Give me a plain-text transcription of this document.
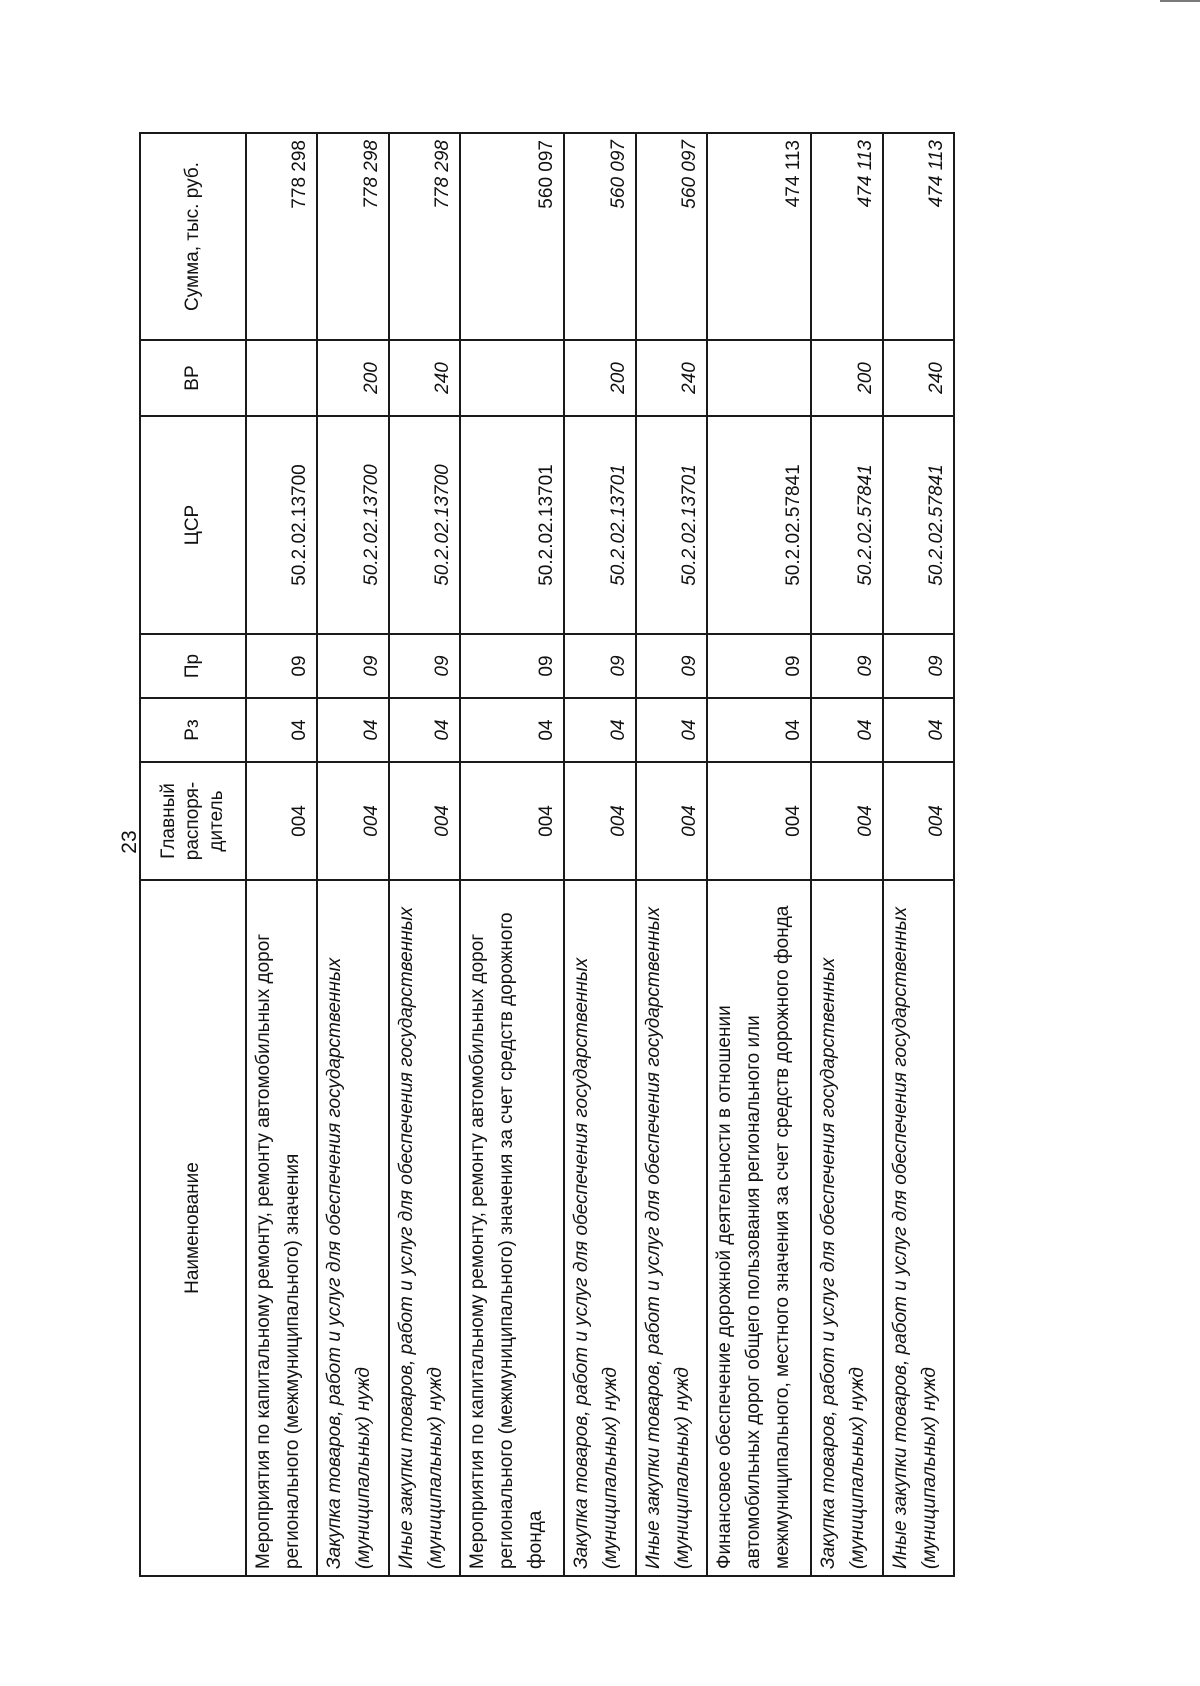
23
Наименование	Главный распоря-дитель	Рз	Пр	ЦСР	ВР	Сумма, тыс. руб.
Мероприятия по капитальному ремонту, ремонту автомобильных дорог регионального (межмуниципального) значения	004	04	09	50.2.02.13700		778 298
Закупка товаров, работ и услуг для обеспечения государственных (муниципальных) нужд	004	04	09	50.2.02.13700	200	778 298
Иные закупки товаров, работ и услуг для обеспечения государственных (муниципальных) нужд	004	04	09	50.2.02.13700	240	778 298
Мероприятия по капитальному ремонту, ремонту автомобильных дорог регионального (межмуниципального) значения за счет средств дорожного фонда	004	04	09	50.2.02.13701		560 097
Закупка товаров, работ и услуг для обеспечения государственных (муниципальных) нужд	004	04	09	50.2.02.13701	200	560 097
Иные закупки товаров, работ и услуг для обеспечения государственных (муниципальных) нужд	004	04	09	50.2.02.13701	240	560 097
Финансовое обеспечение дорожной деятельности в отношении автомобильных дорог общего пользования регионального или межмуниципального, местного значения за счет средств дорожного фонда	004	04	09	50.2.02.57841		474 113
Закупка товаров, работ и услуг для обеспечения государственных (муниципальных) нужд	004	04	09	50.2.02.57841	200	474 113
Иные закупки товаров, работ и услуг для обеспечения государственных (муниципальных) нужд	004	04	09	50.2.02.57841	240	474 113
